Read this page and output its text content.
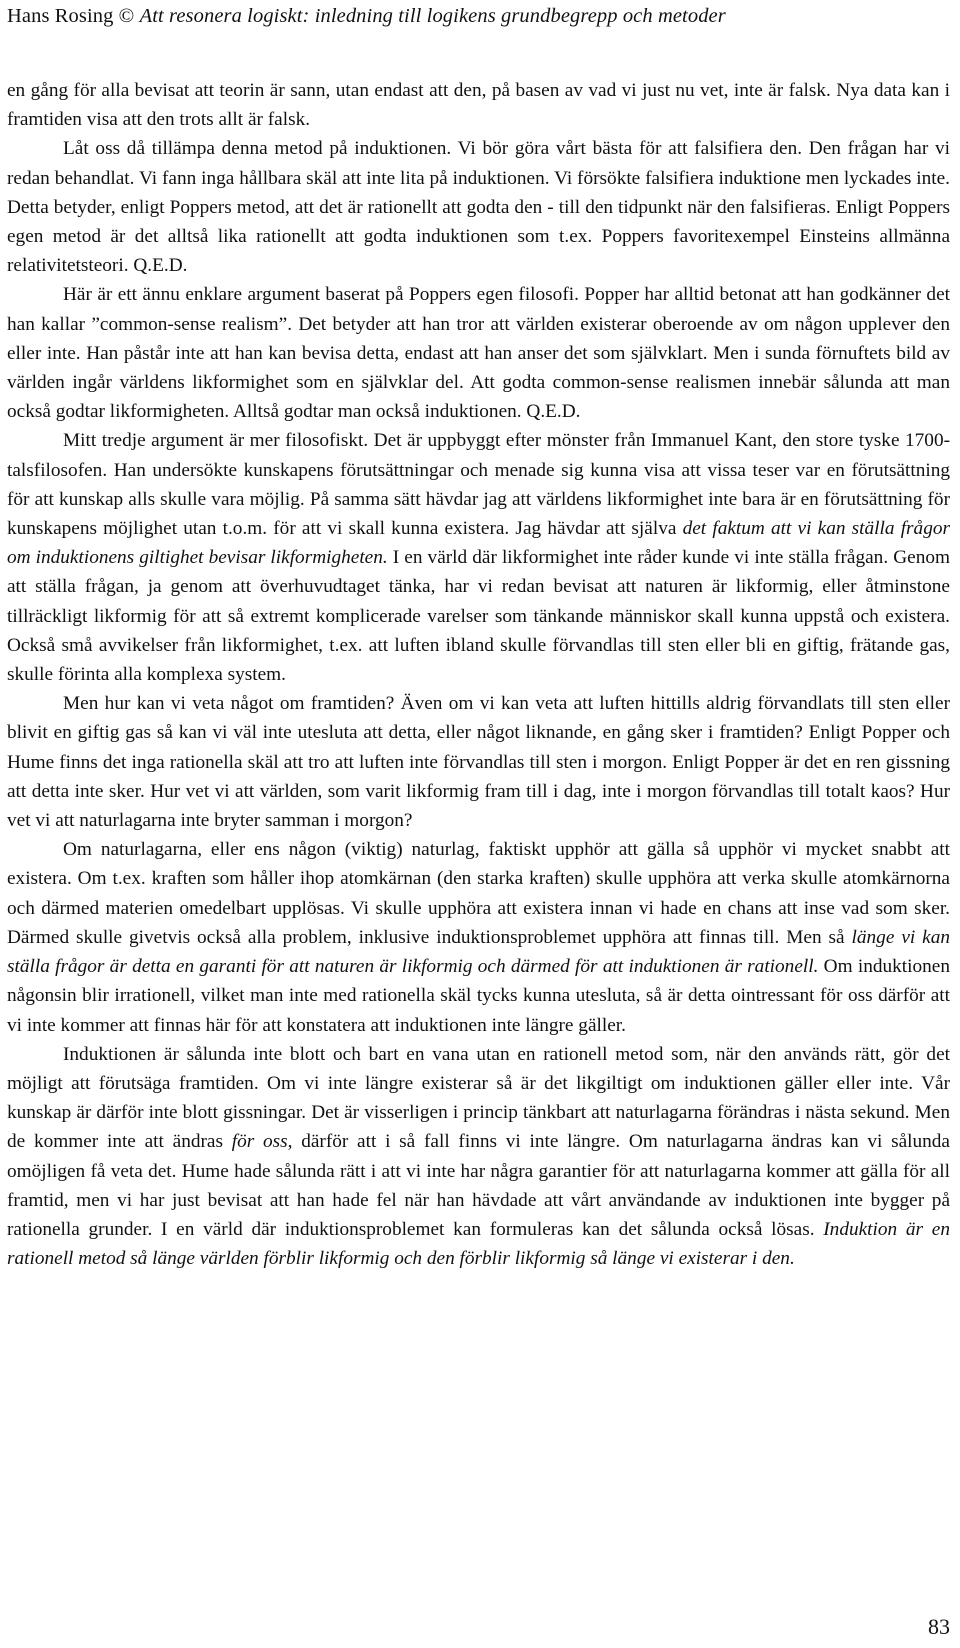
Hans Rosing © Att resonera logiskt: inledning till logikens grundbegrepp och metoder

en gång för alla bevisat att teorin är sann, utan endast att den, på basen av vad vi just nu vet, inte är falsk. Nya data kan i framtiden visa att den trots allt är falsk.

Låt oss då tillämpa denna metod på induktionen. Vi bör göra vårt bästa för att falsifiera den. Den frågan har vi redan behandlat. Vi fann inga hållbara skäl att inte lita på induktionen. Vi försökte falsifiera induktione men lyckades inte. Detta betyder, enligt Poppers metod, att det är rationellt att godta den - till den tidpunkt när den falsifieras. Enligt Poppers egen metod är det alltså lika rationellt att godta induktionen som t.ex. Poppers favoritexempel Einsteins allmänna relativitetsteori. Q.E.D.

Här är ett ännu enklare argument baserat på Poppers egen filosofi. Popper har alltid betonat att han godkänner det han kallar ”common-sense realism”. Det betyder att han tror att världen existerar oberoende av om någon upplever den eller inte. Han påstår inte att han kan bevisa detta, endast att han anser det som självklart. Men i sunda förnuftets bild av världen ingår världens likformighet som en självklar del. Att godta common-sense realismen innebär sålunda att man också godtar likformigheten. Alltså godtar man också induktionen. Q.E.D.

Mitt tredje argument är mer filosofiskt. Det är uppbyggt efter mönster från Immanuel Kant, den store tyske 1700-talsfilosofen. Han undersökte kunskapens förutsättningar och menade sig kunna visa att vissa teser var en förutsättning för att kunskap alls skulle vara möjlig. På samma sätt hävdar jag att världens likformighet inte bara är en förutsättning för kunskapens möjlighet utan t.o.m. för att vi skall kunna existera. Jag hävdar att själva det faktum att vi kan ställa frågor om induktionens giltighet bevisar likformigheten. I en värld där likformighet inte råder kunde vi inte ställa frågan. Genom att ställa frågan, ja genom att överhuvudtaget tänka, har vi redan bevisat att naturen är likformig, eller åtminstone tillräckligt likformig för att så extremt komplicerade varelser som tänkande människor skall kunna uppstå och existera. Också små avvikelser från likformighet, t.ex. att luften ibland skulle förvandlas till sten eller bli en giftig, frätande gas, skulle förinta alla komplexa system.

Men hur kan vi veta något om framtiden? Även om vi kan veta att luften hittills aldrig förvandlats till sten eller blivit en giftig gas så kan vi väl inte utesluta att detta, eller något liknande, en gång sker i framtiden? Enligt Popper och Hume finns det inga rationella skäl att tro att luften inte förvandlas till sten i morgon. Enligt Popper är det en ren gissning att detta inte sker. Hur vet vi att världen, som varit likformig fram till i dag, inte i morgon förvandlas till totalt kaos? Hur vet vi att naturlagarna inte bryter samman i morgon?

Om naturlagarna, eller ens någon (viktig) naturlag, faktiskt upphör att gälla så upphör vi mycket snabbt att existera. Om t.ex. kraften som håller ihop atomkärnan (den starka kraften) skulle upphöra att verka skulle atomkärnorna och därmed materien omedelbart upplösas. Vi skulle upphöra att existera innan vi hade en chans att inse vad som sker. Därmed skulle givetvis också alla problem, inklusive induktionsproblemet upphöra att finnas till. Men så länge vi kan ställa frågor är detta en garanti för att naturen är likformig och därmed för att induktionen är rationell. Om induktionen någonsin blir irrationell, vilket man inte med rationella skäl tycks kunna utesluta, så är detta ointressant för oss därför att vi inte kommer att finnas här för att konstatera att induktionen inte längre gäller.

Induktionen är sålunda inte blott och bart en vana utan en rationell metod som, när den används rätt, gör det möjligt att förutsäga framtiden. Om vi inte längre existerar så är det likgiltigt om induktionen gäller eller inte. Vår kunskap är därför inte blott gissningar. Det är visserligen i princip tänkbart att naturlagarna förändras i nästa sekund. Men de kommer inte att ändras för oss, därför att i så fall finns vi inte längre. Om naturlagarna ändras kan vi sålunda omöjligen få veta det. Hume hade sålunda rätt i att vi inte har några garantier för att naturlagarna kommer att gälla för all framtid, men vi har just bevisat att han hade fel när han hävdade att vårt användande av induktionen inte bygger på rationella grunder. I en värld där induktionsproblemet kan formuleras kan det sålunda också lösas. Induktion är en rationell metod så länge världen förblir likformig och den förblir likformig så länge vi existerar i den.

83
